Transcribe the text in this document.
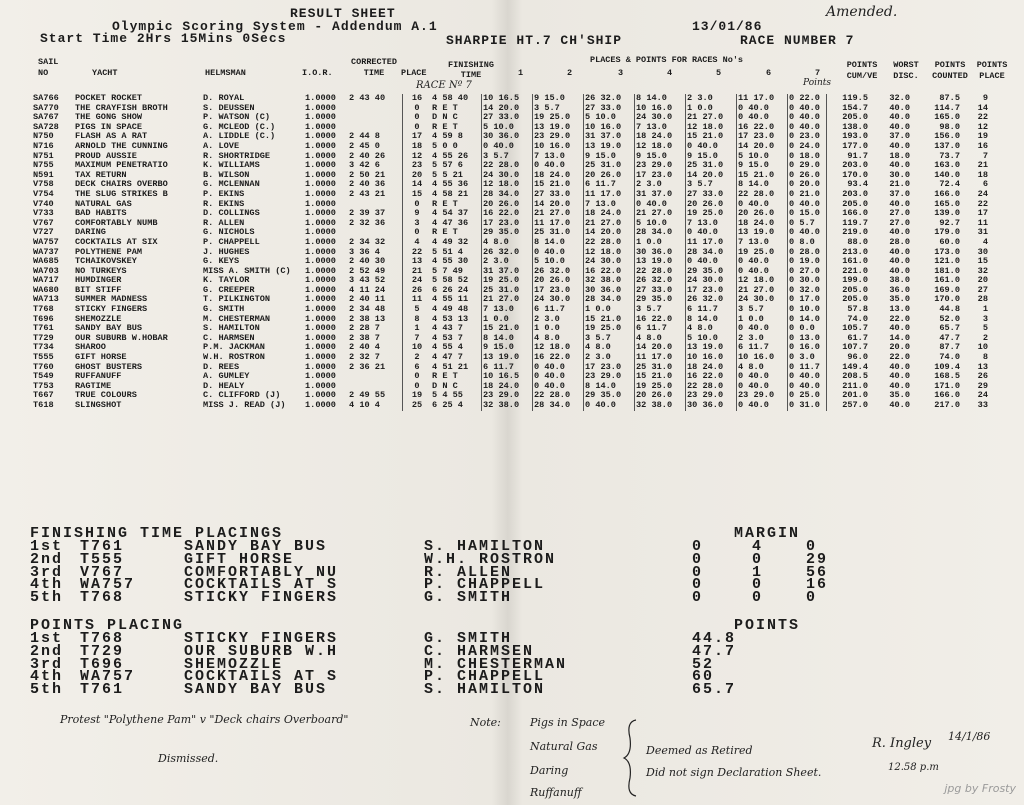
RESULT SHEET
Olympic Scoring System - Addendum A.1	13/01/86
Amended.
Start Time 2Hrs 15Mins 0Secs	SHARPIE HT.7 CH'SHIP	RACE NUMBER 7
SAIL NO	YACHT	HELMSMAN	I.O.R.
CORRECTED TIME	PLACE
FINISHING TIME
RACE Nº 7
PLACES & POINTS FOR RACES No's
1	2	3	4	5	6	7
Points
POINTS CUM/VE
WORST DISC.
POINTS COUNTED
POINTS PLACE
SA766	POCKET ROCKET	D. ROYAL	1.0000	2 43 40	16	4 58 40	10 16.5	9 15.0	26 32.0	8 14.0	2 3.0	11 17.0	0 22.0	119.5	32.0	87.5	9
SA770	THE CRAYFISH BROTH	S. DEUSSEN	1.0000		0	R E T	14 20.0	3 5.7	27 33.0	10 16.0	1 0.0	0 40.0	0 40.0	154.7	40.0	114.7	14
SA767	THE GONG SHOW	P. WATSON (C)	1.0000		0	D N C	27 33.0	19 25.0	5 10.0	24 30.0	21 27.0	0 40.0	0 40.0	205.0	40.0	165.0	22
SA728	PIGS IN SPACE	G. MCLEOD (C.)	1.0000		0	R E T	5 10.0	13 19.0	10 16.0	7 13.0	12 18.0	16 22.0	0 40.0	138.0	40.0	98.0	12
N750	FLASH AS A RAT	A. LIDDLE (C.)	1.0000	2 44 8	17	4 59 8	30 36.0	23 29.0	31 37.0	18 24.0	15 21.0	17 23.0	0 23.0	193.0	37.0	156.0	19
N716	ARNOLD THE CUNNING	A. LOVE	1.0000	2 45 0	18	5 0 0	0 40.0	10 16.0	13 19.0	12 18.0	0 40.0	14 20.0	0 24.0	177.0	40.0	137.0	16
N751	PROUD AUSSIE	R. SHORTRIDGE	1.0000	2 40 26	12	4 55 26	3 5.7	7 13.0	9 15.0	9 15.0	9 15.0	5 10.0	0 18.0	91.7	18.0	73.7	7
N755	MAXIMUM PENETRATIO	K. WILLIAMS	1.0000	3 42 6	23	5 57 6	22 28.0	0 40.0	25 31.0	23 29.0	25 31.0	9 15.0	0 29.0	203.0	40.0	163.0	21
N591	TAX RETURN	B. WILSON	1.0000	2 50 21	20	5 5 21	24 30.0	18 24.0	20 26.0	17 23.0	14 20.0	15 21.0	0 26.0	170.0	30.0	140.0	18
V758	DECK CHAIRS OVERBO	G. MCLENNAN	1.0000	2 40 36	14	4 55 36	12 18.0	15 21.0	6 11.7	2 3.0	3 5.7	8 14.0	0 20.0	93.4	21.0	72.4	6
V754	THE SLUG STRIKES B	P. EKINS	1.0000	2 43 21	15	4 58 21	28 34.0	27 33.0	11 17.0	31 37.0	27 33.0	22 28.0	0 21.0	203.0	37.0	166.0	24
V740	NATURAL GAS	R. EKINS	1.0000		0	R E T	20 26.0	14 20.0	7 13.0	0 40.0	20 26.0	0 40.0	0 40.0	205.0	40.0	165.0	22
V733	BAD HABITS	D. COLLINGS	1.0000	2 39 37	9	4 54 37	16 22.0	21 27.0	18 24.0	21 27.0	19 25.0	20 26.0	0 15.0	166.0	27.0	139.0	17
V767	COMFORTABLY NUMB	R. ALLEN	1.0000	2 32 36	3	4 47 36	17 23.0	11 17.0	21 27.0	5 10.0	7 13.0	18 24.0	0 5.7	119.7	27.0	92.7	11
V727	DARING	G. NICHOLS	1.0000		0	R E T	29 35.0	25 31.0	14 20.0	28 34.0	0 40.0	13 19.0	0 40.0	219.0	40.0	179.0	31
WA757	COCKTAILS AT SIX	P. CHAPPELL	1.0000	2 34 32	4	4 49 32	4 8.0	8 14.0	22 28.0	1 0.0	11 17.0	7 13.0	0 8.0	88.0	28.0	60.0	4
WA737	POLYTHENE PAM	J. HUGHES	1.0000	3 36 4	22	5 51 4	26 32.0	0 40.0	12 18.0	30 36.0	28 34.0	19 25.0	0 28.0	213.0	40.0	173.0	30
WA685	TCHAIKOVSKEY	G. KEYS	1.0000	2 40 30	13	4 55 30	2 3.0	5 10.0	24 30.0	13 19.0	0 40.0	0 40.0	0 19.0	161.0	40.0	121.0	15
WA703	NO TURKEYS	MISS A. SMITH (C)	1.0000	2 52 49	21	5 7 49	31 37.0	26 32.0	16 22.0	22 28.0	29 35.0	0 40.0	0 27.0	221.0	40.0	181.0	32
WA717	HUMDINGER	K. TAYLOR	1.0000	3 43 52	24	5 58 52	19 25.0	20 26.0	32 38.0	26 32.0	24 30.0	12 18.0	0 30.0	199.0	38.0	161.0	20
WA680	BIT STIFF	G. CREEPER	1.0000	4 11 24	26	6 26 24	25 31.0	17 23.0	30 36.0	27 33.0	17 23.0	21 27.0	0 32.0	205.0	36.0	169.0	27
WA713	SUMMER MADNESS	T. PILKINGTON	1.0000	2 40 11	11	4 55 11	21 27.0	24 30.0	28 34.0	29 35.0	26 32.0	24 30.0	0 17.0	205.0	35.0	170.0	28
T768	STICKY FINGERS	G. SMITH	1.0000	2 34 48	5	4 49 48	7 13.0	6 11.7	1 0.0	3 5.7	6 11.7	3 5.7	0 10.0	57.8	13.0	44.8	1
T696	SHEMOZZLE	M. CHESTERMAN	1.0000	2 38 13	8	4 53 13	1 0.0	2 3.0	15 21.0	16 22.0	8 14.0	1 0.0	0 14.0	74.0	22.0	52.0	3
T761	SANDY BAY BUS	S. HAMILTON	1.0000	2 28 7	1	4 43 7	15 21.0	1 0.0	19 25.0	6 11.7	4 8.0	0 40.0	0 0.0	105.7	40.0	65.7	5
T729	OUR SUBURB W.HOBAR	C. HARMSEN	1.0000	2 38 7	7	4 53 7	8 14.0	4 8.0	3 5.7	4 8.0	5 10.0	2 3.0	0 13.0	61.7	14.0	47.7	2
T734	SHAROO	P.M. JACKMAN	1.0000	2 40 4	10	4 55 4	9 15.0	12 18.0	4 8.0	14 20.0	13 19.0	6 11.7	0 16.0	107.7	20.0	87.7	10
T555	GIFT HORSE	W.H. ROSTRON	1.0000	2 32 7	2	4 47 7	13 19.0	16 22.0	2 3.0	11 17.0	10 16.0	10 16.0	0 3.0	96.0	22.0	74.0	8
T760	GHOST BUSTERS	D. REES	1.0000	2 36 21	6	4 51 21	6 11.7	0 40.0	17 23.0	25 31.0	18 24.0	4 8.0	0 11.7	149.4	40.0	109.4	13
T549	RUFFANUFF	A. GUMLEY	1.0000		0	R E T	10 16.5	0 40.0	23 29.0	15 21.0	16 22.0	0 40.0	0 40.0	208.5	40.0	168.5	26
T753	RAGTIME	D. HEALY	1.0000		0	D N C	18 24.0	0 40.0	8 14.0	19 25.0	22 28.0	0 40.0	0 40.0	211.0	40.0	171.0	29
T667	TRUE COLOURS	C. CLIFFORD (J)	1.0000	2 49 55	19	5 4 55	23 29.0	22 28.0	29 35.0	20 26.0	23 29.0	23 29.0	0 25.0	201.0	35.0	166.0	24
T618	SLINGSHOT	MISS J. READ (J)	1.0000	4 10 4	25	6 25 4	32 38.0	28 34.0	0 40.0	32 38.0	30 36.0	0 40.0	0 31.0	257.0	40.0	217.0	33
FINISHING TIME PLACINGS	MARGIN
1st	T761	SANDY BAY BUS	S. HAMILTON	0	4	0
2nd	T555	GIFT HORSE	W.H. ROSTRON	0	0	29
3rd	V767	COMFORTABLY NU	R. ALLEN	0	1	56
4th	WA757	COCKTAILS AT S	P. CHAPPELL	0	0	16
5th	T768	STICKY FINGERS	G. SMITH	0	0	0
POINTS PLACING	POINTS
1st	T768	STICKY FINGERS	G. SMITH	44.8
2nd	T729	OUR SUBURB W.H	C. HARMSEN	47.7
3rd	T696	SHEMOZZLE	M. CHESTERMAN	52
4th	WA757	COCKTAILS AT S	P. CHAPPELL	60
5th	T761	SANDY BAY BUS	S. HAMILTON	65.7
Protest "Polythene Pam" v "Deck chairs Overboard"
Dismissed.
Note:	Pigs in Space
Natural Gas
Daring
Ruffanuff
Deemed as Retired
Did not sign Declaration Sheet.
R. Ingley 14/1/86
12.58 p.m
jpg by Frosty
